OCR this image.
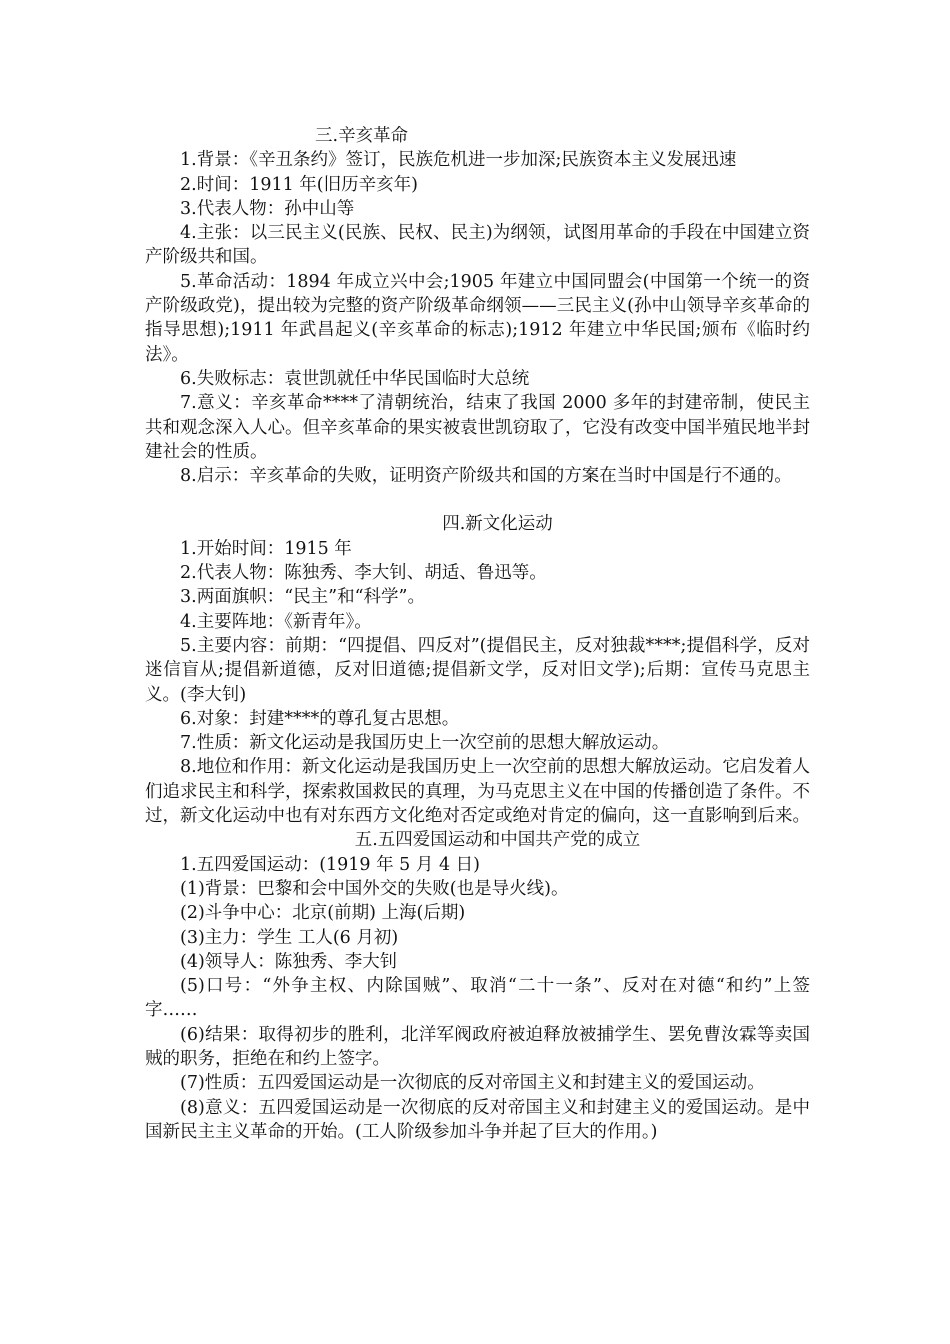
三.辛亥革命

1.背景：《辛丑条约》签订，民族危机进一步加深;民族资本主义发展迅速

2.时间：1911 年(旧历辛亥年)

3.代表人物：孙中山等

4.主张：以三民主义(民族、民权、民主)为纲领，试图用革命的手段在中国建立资产阶级共和国。

5.革命活动：1894 年成立兴中会;1905 年建立中国同盟会(中国第一个统一的资产阶级政党)，提出较为完整的资产阶级革命纲领——三民主义(孙中山领导辛亥革命的指导思想);1911 年武昌起义(辛亥革命的标志);1912 年建立中华民国;颁布《临时约法》。

6.失败标志：袁世凯就任中华民国临时大总统

7.意义：辛亥革命****了清朝统治，结束了我国 2000 多年的封建帝制，使民主共和观念深入人心。但辛亥革命的果实被袁世凯窃取了，它没有改变中国半殖民地半封建社会的性质。

8.启示：辛亥革命的失败，证明资产阶级共和国的方案在当时中国是行不通的。

四.新文化运动

1.开始时间：1915 年

2.代表人物：陈独秀、李大钊、胡适、鲁迅等。

3.两面旗帜：“民主”和“科学”。

4.主要阵地：《新青年》。

5.主要内容：前期：“四提倡、四反对”(提倡民主，反对独裁****;提倡科学，反对迷信盲从;提倡新道德，反对旧道德;提倡新文学，反对旧文学);后期：宣传马克思主义。(李大钊)

6.对象：封建****的尊孔复古思想。

7.性质：新文化运动是我国历史上一次空前的思想大解放运动。

8.地位和作用：新文化运动是我国历史上一次空前的思想大解放运动。它启发着人们追求民主和科学，探索救国救民的真理，为马克思主义在中国的传播创造了条件。不过，新文化运动中也有对东西方文化绝对否定或绝对肯定的偏向，这一直影响到后来。

五.五四爱国运动和中国共产党的成立

1.五四爱国运动：(1919 年 5 月 4 日)

(1)背景：巴黎和会中国外交的失败(也是导火线)。

(2)斗争中心：北京(前期) 上海(后期)

(3)主力：学生 工人(6 月初)

(4)领导人：陈独秀、李大钊

(5)口号：“外争主权、内除国贼”、取消“二十一条”、反对在对德“和约”上签字……

(6)结果：取得初步的胜利，北洋军阀政府被迫释放被捕学生、罢免曹汝霖等卖国贼的职务，拒绝在和约上签字。

(7)性质：五四爱国运动是一次彻底的反对帝国主义和封建主义的爱国运动。

(8)意义：五四爱国运动是一次彻底的反对帝国主义和封建主义的爱国运动。是中国新民主主义革命的开始。(工人阶级参加斗争并起了巨大的作用。)
